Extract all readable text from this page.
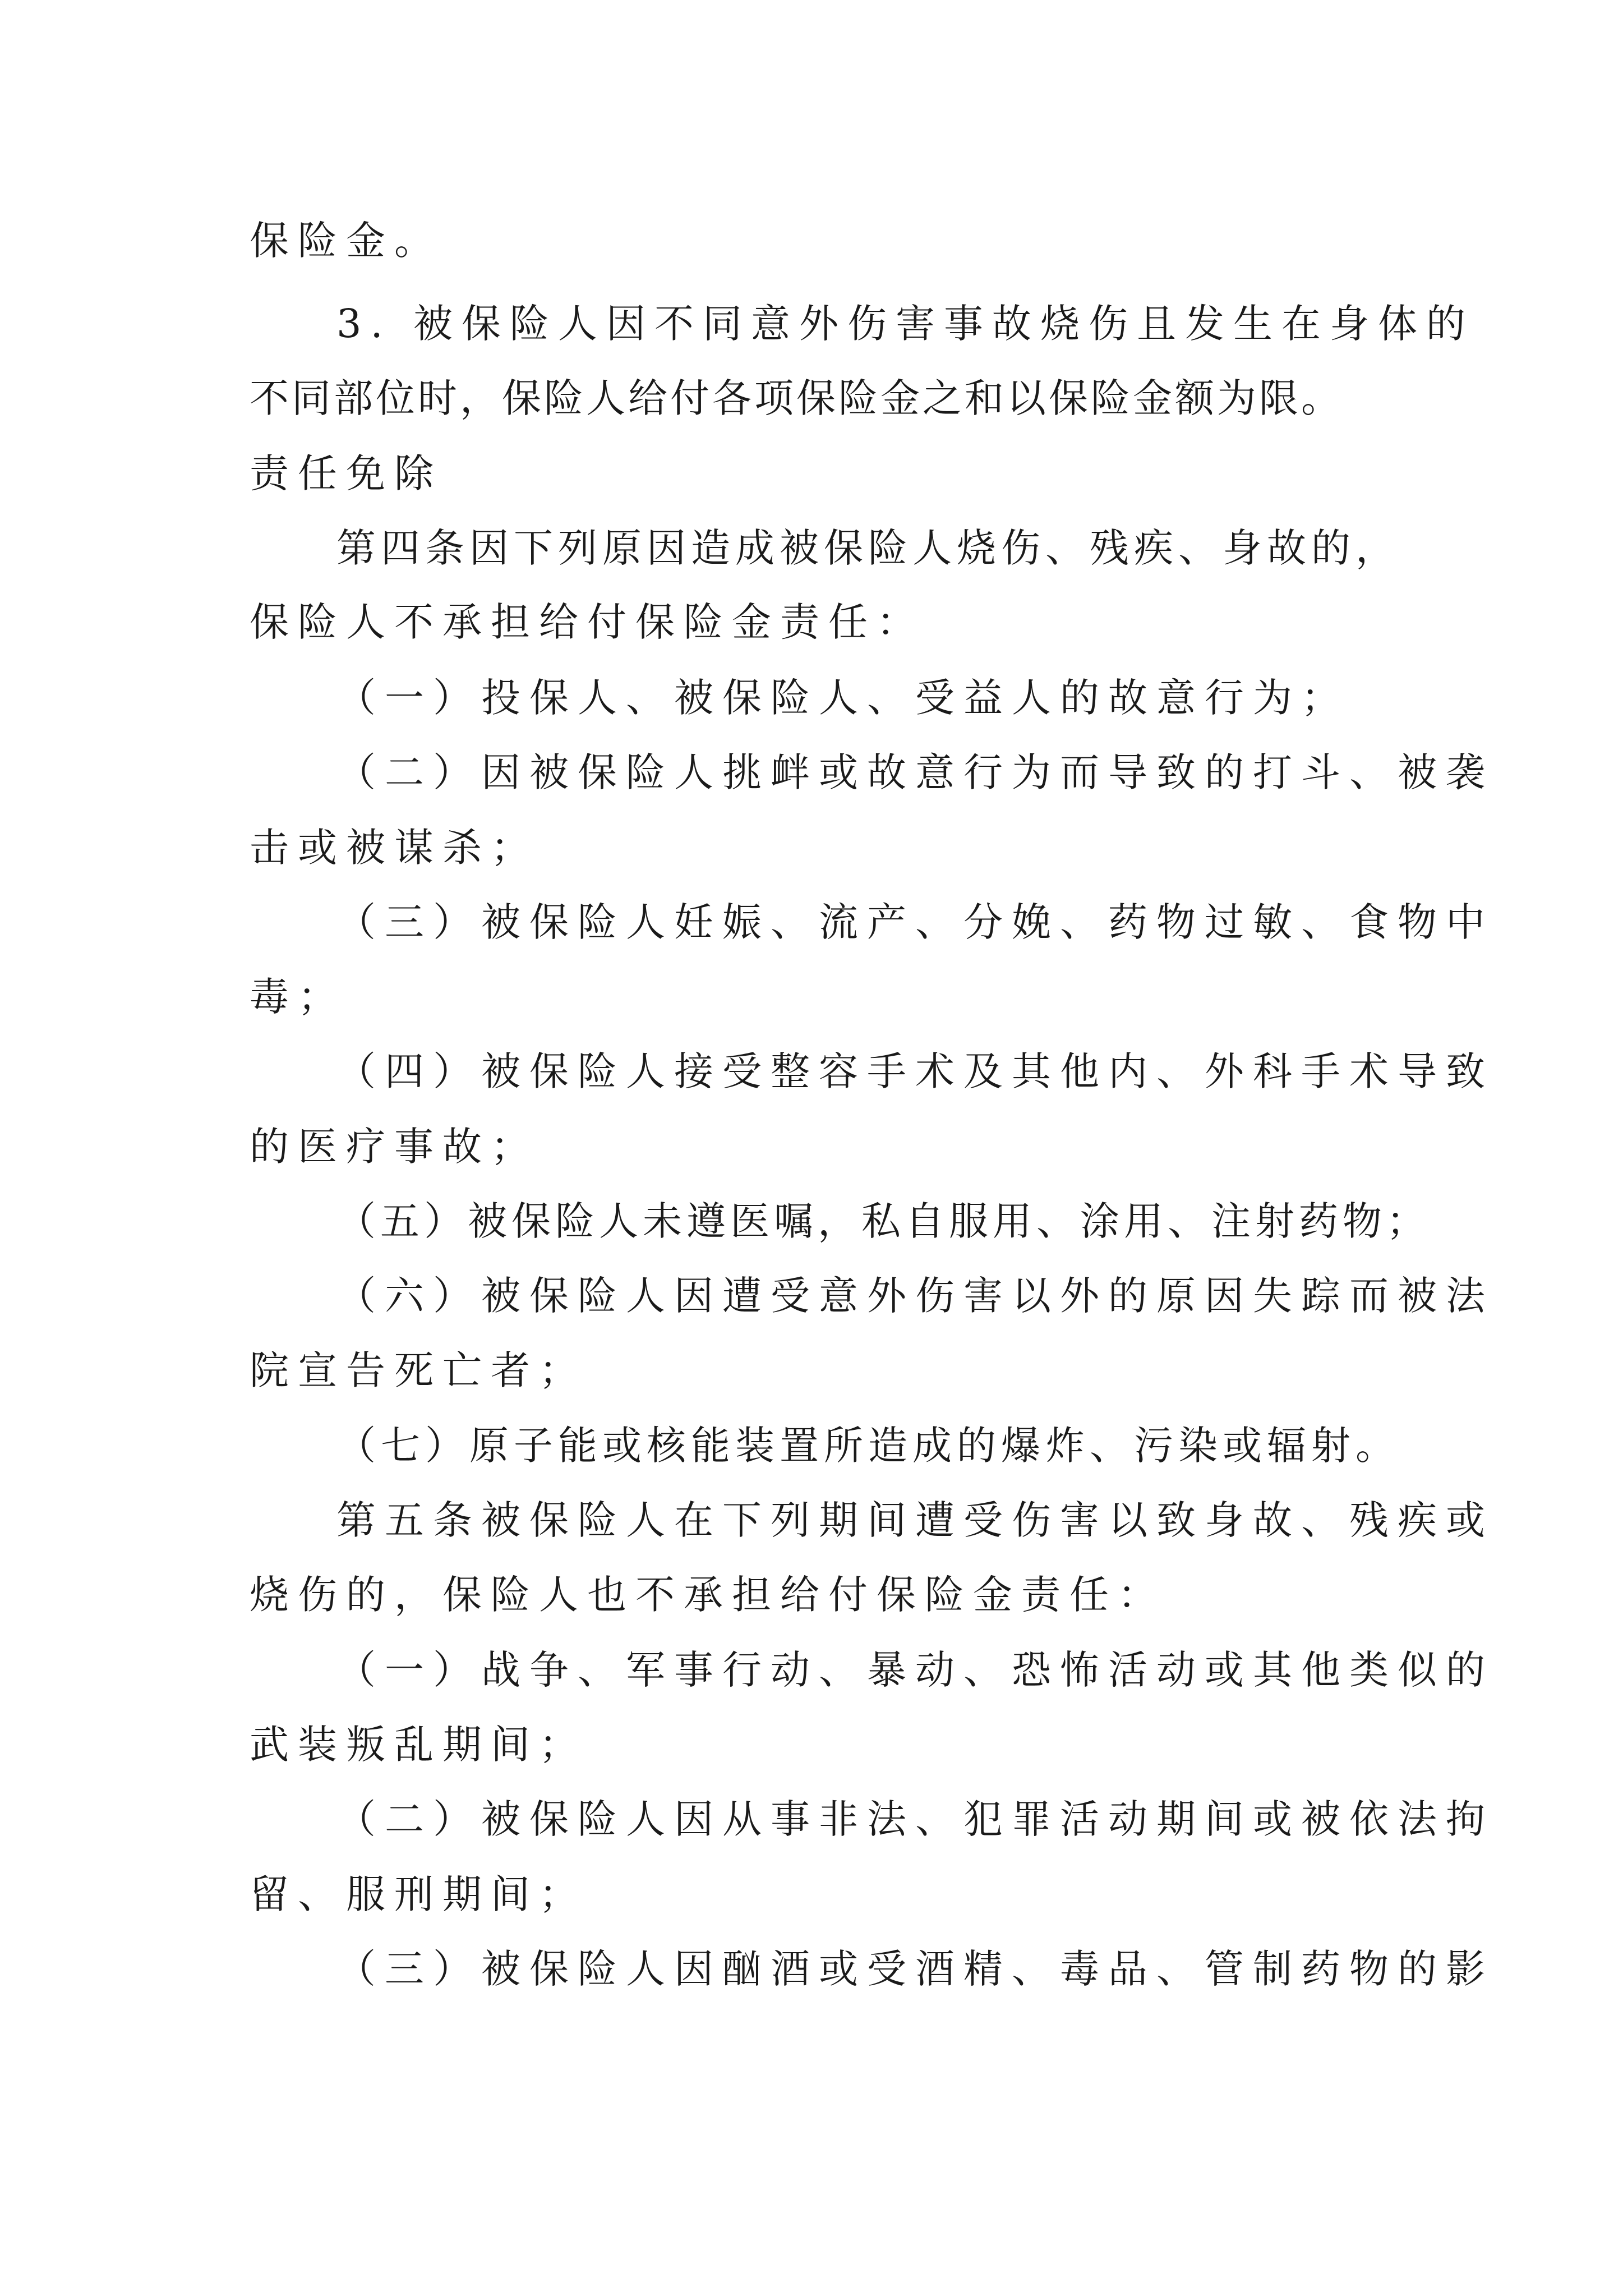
保险金。

3. 被保险人因不同意外伤害事故烧伤且发生在身体的

不同部位时，保险人给付各项保险金之和以保险金额为限。

责任免除

第四条因下列原因造成被保险人烧伤、残疾、身故的，

保险人不承担给付保险金责任：

（一）投保人、被保险人、受益人的故意行为；

（二）因被保险人挑衅或故意行为而导致的打斗、被袭

击或被谋杀；

（三）被保险人妊娠、流产、分娩、药物过敏、食物中

毒；

（四）被保险人接受整容手术及其他内、外科手术导致

的医疗事故；

（五）被保险人未遵医嘱，私自服用、涂用、注射药物；

（六）被保险人因遭受意外伤害以外的原因失踪而被法

院宣告死亡者；

（七）原子能或核能装置所造成的爆炸、污染或辐射。

第五条被保险人在下列期间遭受伤害以致身故、残疾或

烧伤的，保险人也不承担给付保险金责任：

（一）战争、军事行动、暴动、恐怖活动或其他类似的

武装叛乱期间；

（二）被保险人因从事非法、犯罪活动期间或被依法拘

留、服刑期间；

（三）被保险人因酗酒或受酒精、毒品、管制药物的影
